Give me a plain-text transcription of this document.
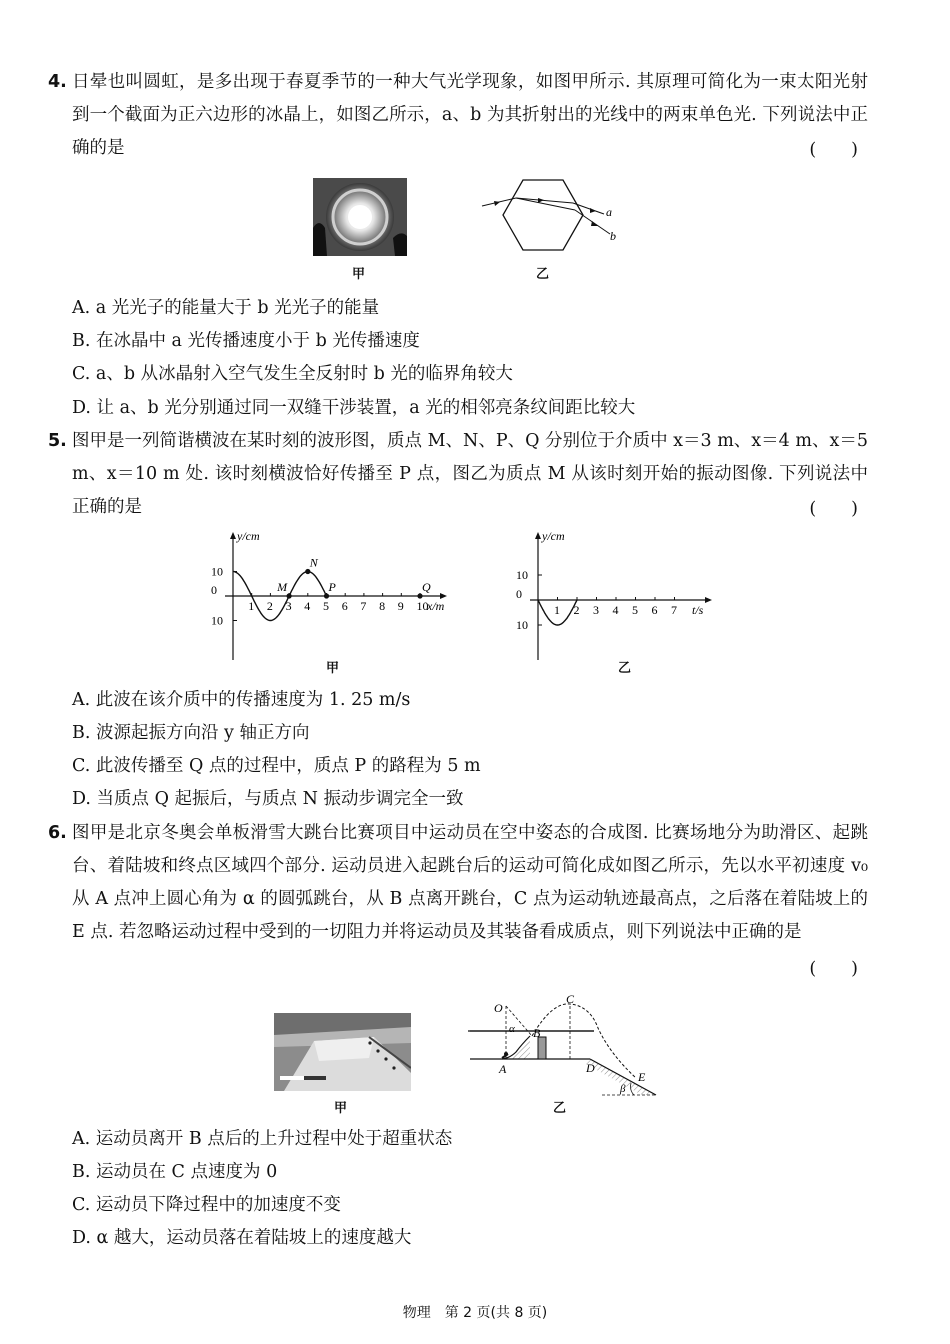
4. 日晕也叫圆虹，是多出现于春夏季节的一种大气光学现象，如图甲所示. 其原理可简化为一束太阳光射到一个截面为正六边形的冰晶上，如图乙所示，a、b 为其折射出的光线中的两束单色光. 下列说法中正确的是	(　　)
甲
a
b
乙
A. a 光光子的能量大于 b 光光子的能量
B. 在冰晶中 a 光传播速度小于 b 光传播速度
C. a、b 从冰晶射入空气发生全反射时 b 光的临界角较大
D. 让 a、b 光分别通过同一双缝干涉装置，a 光的相邻亮条纹间距比较大
5. 图甲是一列简谐横波在某时刻的波形图，质点 M、N、P、Q 分别位于介质中 x＝3 m、x＝4 m、x＝5 m、x＝10 m 处. 该时刻横波恰好传播至 P 点，图乙为质点 M 从该时刻开始的振动图像. 下列说法中正确的是	(　　)
y/cm
x/m
1 2 3 4 5 6 7 8 9 10
10
0
10
M
N
P	Q
甲
y/cm
t/s
1 2 3 4 5 6 7
10
0
10
乙
A. 此波在该介质中的传播速度为 1. 25 m/s
B. 波源起振方向沿 y 轴正方向
C. 此波传播至 Q 点的过程中，质点 P 的路程为 5 m
D. 当质点 Q 起振后，与质点 N 振动步调完全一致
6. 图甲是北京冬奥会单板滑雪大跳台比赛项目中运动员在空中姿态的合成图. 比赛场地分为助滑区、起跳台、着陆坡和终点区域四个部分. 运动员进入起跳台后的运动可简化成如图乙所示，先以水平初速度 v₀ 从 A 点冲上圆心角为 α 的圆弧跳台，从 B 点离开跳台，C 点为运动轨迹最高点，之后落在着陆坡上的 E 点. 若忽略运动过程中受到的一切阻力并将运动员及其装备看成质点，则下列说法中正确的是
(　　)
甲
O
α B
C
A	D
E
β
乙
A. 运动员离开 B 点后的上升过程中处于超重状态
B. 运动员在 C 点速度为 0
C. 运动员下降过程中的加速度不变
D. α 越大，运动员落在着陆坡上的速度越大
物理　第 2 页(共 8 页)
